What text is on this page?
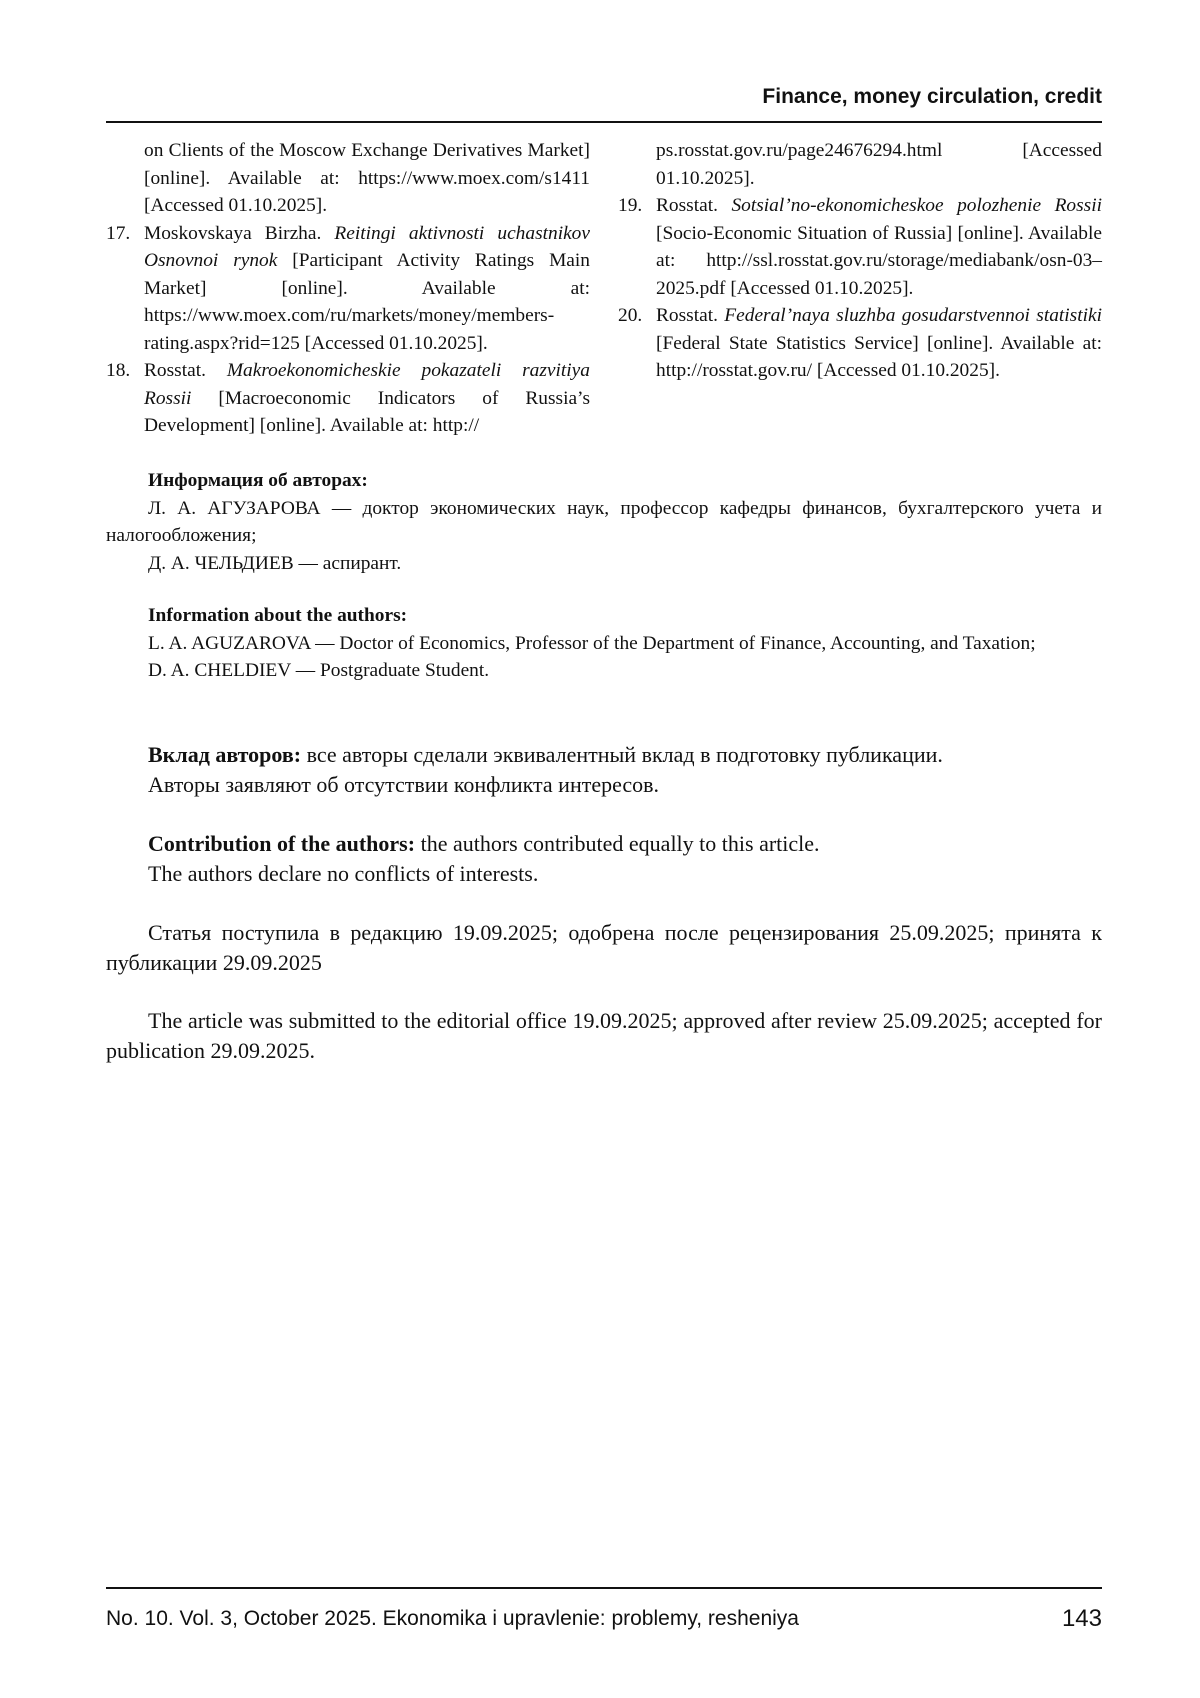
Finance, money circulation, credit
on Clients of the Moscow Exchange Derivatives Market] [online]. Available at: https://www.moex.com/s1411 [Accessed 01.10.2025].
17. Moskovskaya Birzha. Reitingi aktivnosti uchastnikov Osnovnoi rynok [Participant Activity Ratings Main Market] [online]. Available at: https://www.moex.com/ru/markets/money/members-rating.aspx?rid=125 [Accessed 01.10.2025].
18. Rosstat. Makroekonomicheskie pokazateli razvitiya Rossii [Macroeconomic Indicators of Russia’s Development] [online]. Available at: http://
ps.rosstat.gov.ru/page24676294.html [Accessed 01.10.2025].
19. Rosstat. Sotsial’no-ekonomicheskoe polozhenie Rossii [Socio-Economic Situation of Russia] [online]. Available at: http://ssl.rosstat.gov.ru/storage/mediabank/osn-03–2025.pdf [Accessed 01.10.2025].
20. Rosstat. Federal’naya sluzhba gosudarstvennoi statistiki [Federal State Statistics Service] [online]. Available at: http://rosstat.gov.ru/ [Accessed 01.10.2025].
Информация об авторах:

Л. А. АГУЗАРОВА — доктор экономических наук, профессор кафедры финансов, бухгалтерского учета и налогообложения;

Д. А. ЧЕЛЬДИЕВ — аспирант.

Information about the authors:

L. A. AGUZAROVA — Doctor of Economics, Professor of the Department of Finance, Accounting, and Taxation;

D. A. CHELDIEV — Postgraduate Student.

Вклад авторов: все авторы сделали эквивалентный вклад в подготовку публикации.

Авторы заявляют об отсутствии конфликта интересов.

Contribution of the authors: the authors contributed equally to this article.

The authors declare no conflicts of interests.

Статья поступила в редакцию 19.09.2025; одобрена после рецензирования 25.09.2025; принята к публикации 29.09.2025

The article was submitted to the editorial office 19.09.2025; approved after review 25.09.2025; accepted for publication 29.09.2025.

No. 10. Vol. 3, October 2025. Ekonomika i upravlenie: problemy, resheniya	143
